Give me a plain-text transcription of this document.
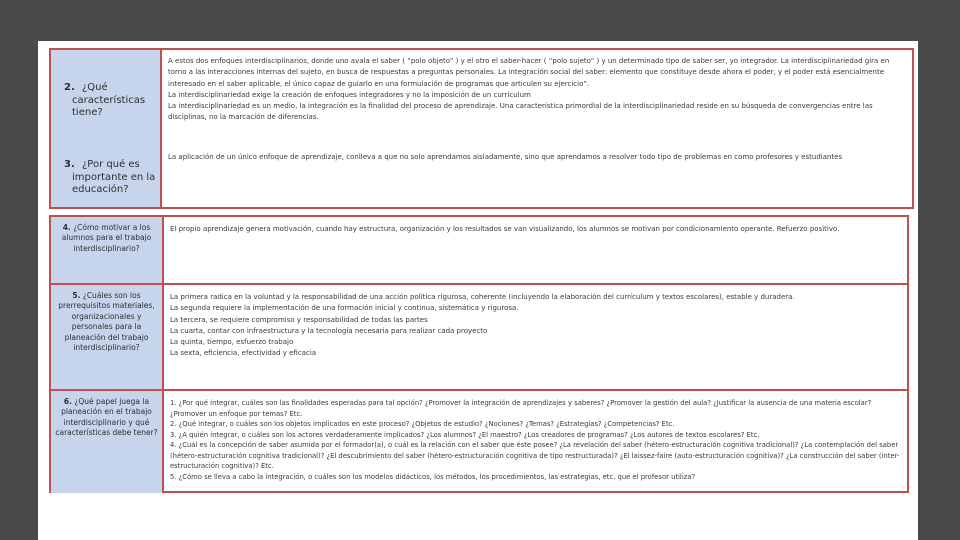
2. ¿Qué características tiene?

A estos dos enfoques interdisciplinarios, donde uno avala el saber ( “polo objeto” ) y el otro el saber-hacer ( “polo sujeto” ) y un determinado tipo de saber ser, yo integrador. La interdisciplinariedad gira en torno a las interacciones internas del sujeto, en busca de respuestas a preguntas personales. La integración social del saber: elemento que constituye desde ahora el poder, y el poder está esencialmente interesado en el saber aplicable, el único capaz de guiarlo en una formulación de programas que articulen su ejercicio”.

La interdisciplinariedad exige la creación de enfoques integradores y no la imposición de un currículum

La interdisciplinariedad es un medio, la integración es la finalidad del proceso de aprendizaje. Una característica primordial de la interdisciplinariedad reside en su búsqueda de convergencias entre las disciplinas, no la marcación de diferencias.

3. ¿Por qué es importante en la educación?

La aplicación de un único enfoque de aprendizaje, conlleva a que no solo aprendamos aisladamente, sino que aprendamos a resolver todo tipo de problemas en como profesores y estudiantes

4. ¿Cómo motivar a los alumnos para el trabajo interdisciplinario?

El propio aprendizaje genera motivación, cuando hay estructura, organización y los resultados se van visualizando, los alumnos se motivan por condicionamiento operante. Refuerzo positivo.

5. ¿Cuáles son los prerrequisitos materiales, organizacionales y personales para la planeación del trabajo interdisciplinario?

La primera radica en la voluntad y la responsabilidad de una acción política rigurosa, coherente (incluyendo la elaboración del currículum y textos escolares), estable y duradera.

La segunda requiere la implementación de una formación inicial y continua, sistemática y rigurosa.

La tercera, se requiere compromiso y responsabilidad de todas las partes

La cuarta, contar con infraestructura y la tecnología necesaria para realizar cada proyecto

La quinta, tiempo, esfuerzo trabajo

La sexta, eficiencia, efectividad y eficacia

6. ¿Qué papel juega la planeación en el trabajo interdisciplinario y qué características debe tener?

1. ¿Por qué integrar, cuáles son las finalidades esperadas para tal opción? ¿Promover la integración de aprendizajes y saberes? ¿Promover la gestión del aula? ¿Justificar la ausencia de una materia escolar? ¿Promover un enfoque por temas? Etc.

2. ¿Qué integrar, o cuáles son los objetos implicados en este proceso? ¿Objetos de estudio? ¿Nociones? ¿Temas? ¿Estrategias? ¿Competencias? Etc.

3. ¿A quién integrar, o cuáles son los actores verdaderamente implicados? ¿Los alumnos? ¿El maestro? ¿Los creadores de programas? ¿Los autores de textos escolares? Etc.

4. ¿Cuál es la concepción de saber asumida por el formador(a), o cuál es la relación con el saber que éste posee? ¿La revelación del saber (hétero-estructuración cognitiva tradicional)? ¿La contemplación del saber (hétero-estructuración cognitiva tradicional)? ¿El descubrimiento del saber (hétero-estructuración cognitiva de tipo restructurada)? ¿El laissez-faire (auto-estructuración cognitiva)? ¿La construcción del saber (inter-estructuración cognitiva)? Etc.

5. ¿Cómo se lleva a cabo la integración, o cuáles son los modelos didácticos, los métodos, los procedimientos, las estrategias, etc. que el profesor utiliza?
